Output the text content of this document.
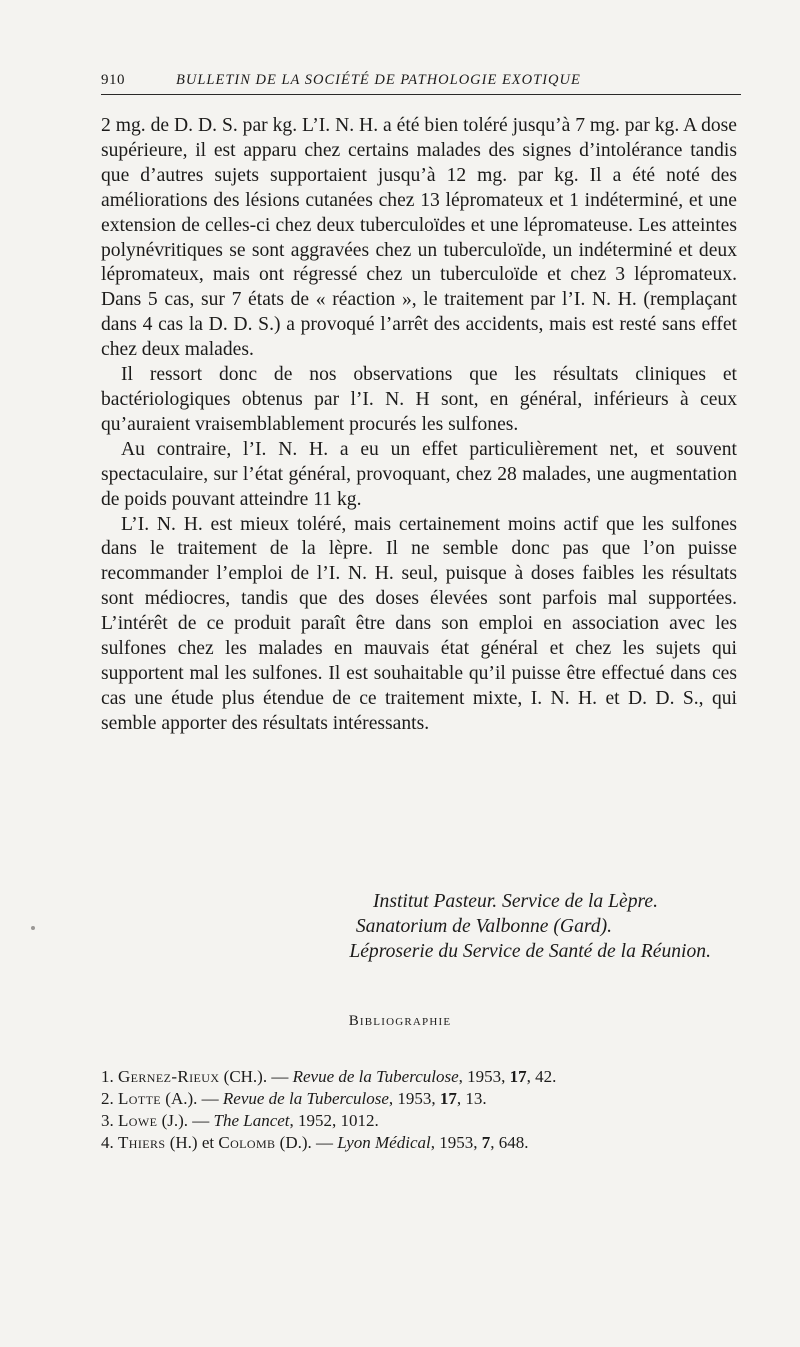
910	BULLETIN DE LA SOCIÉTÉ DE PATHOLOGIE EXOTIQUE

2 mg. de D. D. S. par kg. L’I. N. H. a été bien toléré jusqu’à 7 mg. par kg. A dose supérieure, il est apparu chez certains malades des signes d’intolérance tandis que d’autres sujets supportaient jusqu’à 12 mg. par kg. Il a été noté des améliorations des lésions cutanées chez 13 lépromateux et 1 indéterminé, et une extension de celles-ci chez deux tuberculoïdes et une lépromateuse. Les atteintes polynévritiques se sont aggravées chez un tuberculoïde, un indéterminé et deux lépromateux, mais ont régressé chez un tuberculoïde et chez 3 lépromateux. Dans 5 cas, sur 7 états de « réaction », le traitement par l’I. N. H. (remplaçant dans 4 cas la D. D. S.) a provoqué l’arrêt des accidents, mais est resté sans effet chez deux malades.

Il ressort donc de nos observations que les résultats cliniques et bactériologiques obtenus par l’I. N. H sont, en général, inférieurs à ceux qu’auraient vraisemblablement procurés les sulfones.

Au contraire, l’I. N. H. a eu un effet particulièrement net, et souvent spectaculaire, sur l’état général, provoquant, chez 28 malades, une augmentation de poids pouvant atteindre 11 kg.

L’I. N. H. est mieux toléré, mais certainement moins actif que les sulfones dans le traitement de la lèpre. Il ne semble donc pas que l’on puisse recommander l’emploi de l’I. N. H. seul, puisque à doses faibles les résultats sont médiocres, tandis que des doses élevées sont parfois mal supportées. L’intérêt de ce produit paraît être dans son emploi en association avec les sulfones chez les malades en mauvais état général et chez les sujets qui supportent mal les sulfones. Il est souhaitable qu’il puisse être effectué dans ces cas une étude plus étendue de ce traitement mixte, I. N. H. et D. D. S., qui semble apporter des résultats intéressants.

Institut Pasteur. Service de la Lèpre.
Sanatorium de Valbonne (Gard).
Léproserie du Service de Santé de la Réunion.
Bibliographie
1. Gernez-Rieux (CH.). — Revue de la Tuberculose, 1953, 17, 42.
2. Lotte (A.). — Revue de la Tuberculose, 1953, 17, 13.
3. Lowe (J.). — The Lancet, 1952, 1012.
4. Thiers (H.) et Colomb (D.). — Lyon Médical, 1953, 7, 648.
